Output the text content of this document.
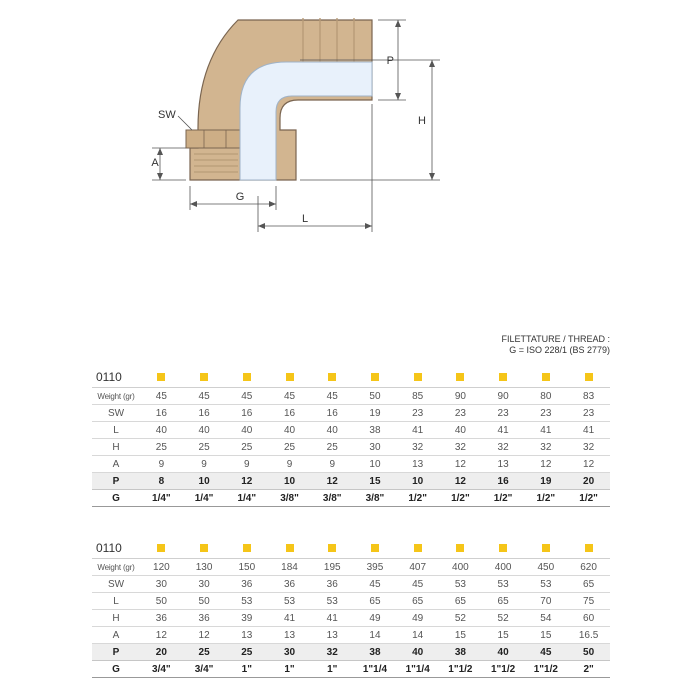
SW
A
G
L
P
H
FILETTATURE / THREAD :
G = ISO 228/1 (BS 2779)
0110											
Weight (gr)	45	45	45	45	45	50	85	90	90	80	83
SW	16	16	16	16	16	19	23	23	23	23	23
L	40	40	40	40	40	38	41	40	41	41	41
H	25	25	25	25	25	30	32	32	32	32	32
A	9	9	9	9	9	10	13	12	13	12	12
P	8	10	12	10	12	15	10	12	16	19	20
G	1/4"	1/4"	1/4"	3/8"	3/8"	3/8"	1/2"	1/2"	1/2"	1/2"	1/2"
0110											
Weight (gr)	120	130	150	184	195	395	407	400	400	450	620
SW	30	30	36	36	36	45	45	53	53	53	65
L	50	50	53	53	53	65	65	65	65	70	75
H	36	36	39	41	41	49	49	52	52	54	60
A	12	12	13	13	13	14	14	15	15	15	16.5
P	20	25	25	30	32	38	40	38	40	45	50
G	3/4"	3/4"	1"	1"	1"	1"1/4	1"1/4	1"1/2	1"1/2	1"1/2	2"
